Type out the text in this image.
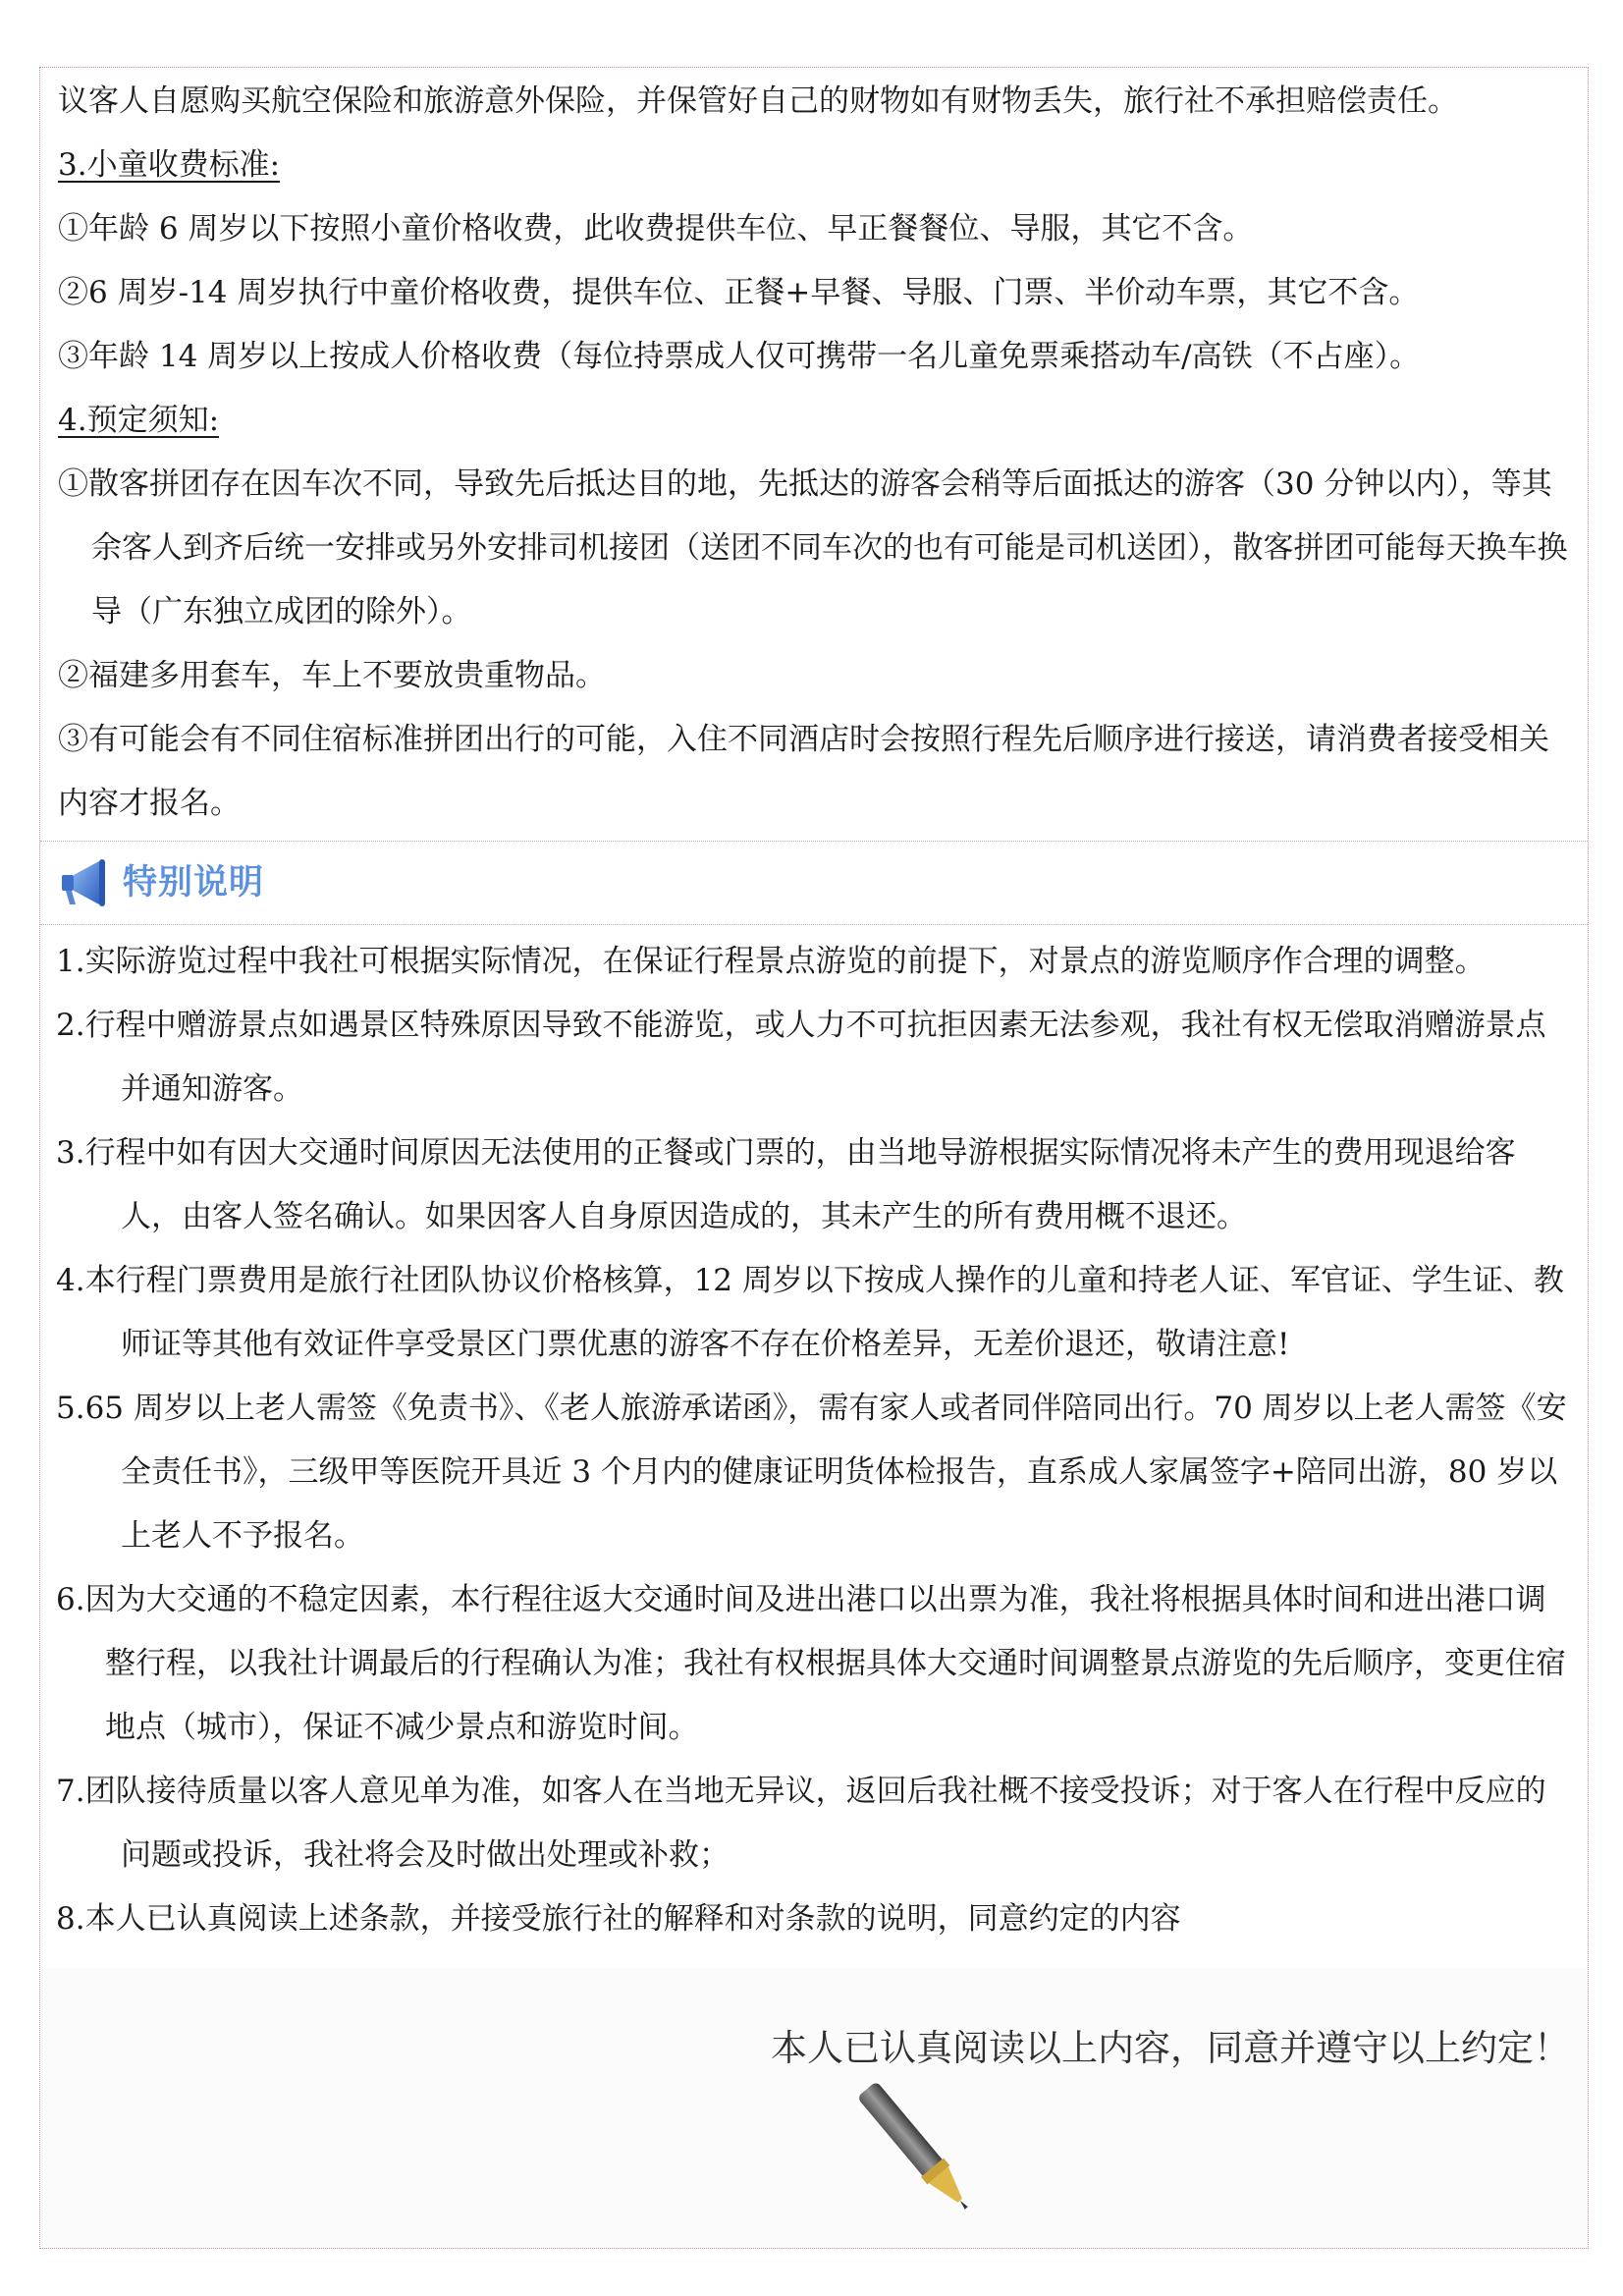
议客人自愿购买航空保险和旅游意外保险，并保管好自己的财物如有财物丢失，旅行社不承担赔偿责任。
3.小童收费标准:
①年龄 6 周岁以下按照小童价格收费，此收费提供车位、早正餐餐位、导服，其它不含。
②6 周岁-14 周岁执行中童价格收费，提供车位、正餐+早餐、导服、门票、半价动车票，其它不含。
③年龄 14 周岁以上按成人价格收费（每位持票成人仅可携带一名儿童免票乘搭动车/高铁（不占座）。
4.预定须知:
①散客拼团存在因车次不同，导致先后抵达目的地，先抵达的游客会稍等后面抵达的游客（30 分钟以内），等其余客人到齐后统一安排或另外安排司机接团（送团不同车次的也有可能是司机送团），散客拼团可能每天换车换导（广东独立成团的除外）。
②福建多用套车，车上不要放贵重物品。
③有可能会有不同住宿标准拼团出行的可能，入住不同酒店时会按照行程先后顺序进行接送，请消费者接受相关内容才报名。
特别说明
1.实际游览过程中我社可根据实际情况，在保证行程景点游览的前提下，对景点的游览顺序作合理的调整。
2.行程中赠游景点如遇景区特殊原因导致不能游览，或人力不可抗拒因素无法参观，我社有权无偿取消赠游景点并通知游客。
3.行程中如有因大交通时间原因无法使用的正餐或门票的，由当地导游根据实际情况将未产生的费用现退给客人，由客人签名确认。如果因客人自身原因造成的，其未产生的所有费用概不退还。
4.本行程门票费用是旅行社团队协议价格核算，12 周岁以下按成人操作的儿童和持老人证、军官证、学生证、教师证等其他有效证件享受景区门票优惠的游客不存在价格差异，无差价退还，敬请注意!
5.65 周岁以上老人需签《免责书》、《老人旅游承诺函》，需有家人或者同伴陪同出行。70 周岁以上老人需签《安全责任书》，三级甲等医院开具近 3 个月内的健康证明货体检报告，直系成人家属签字+陪同出游，80 岁以上老人不予报名。
6.因为大交通的不稳定因素，本行程往返大交通时间及进出港口以出票为准，我社将根据具体时间和进出港口调整行程，以我社计调最后的行程确认为准；我社有权根据具体大交通时间调整景点游览的先后顺序，变更住宿地点（城市），保证不减少景点和游览时间。
7.团队接待质量以客人意见单为准，如客人在当地无异议，返回后我社概不接受投诉；对于客人在行程中反应的问题或投诉，我社将会及时做出处理或补救；
8.本人已认真阅读上述条款，并接受旅行社的解释和对条款的说明，同意约定的内容
本人已认真阅读以上内容，同意并遵守以上约定！
